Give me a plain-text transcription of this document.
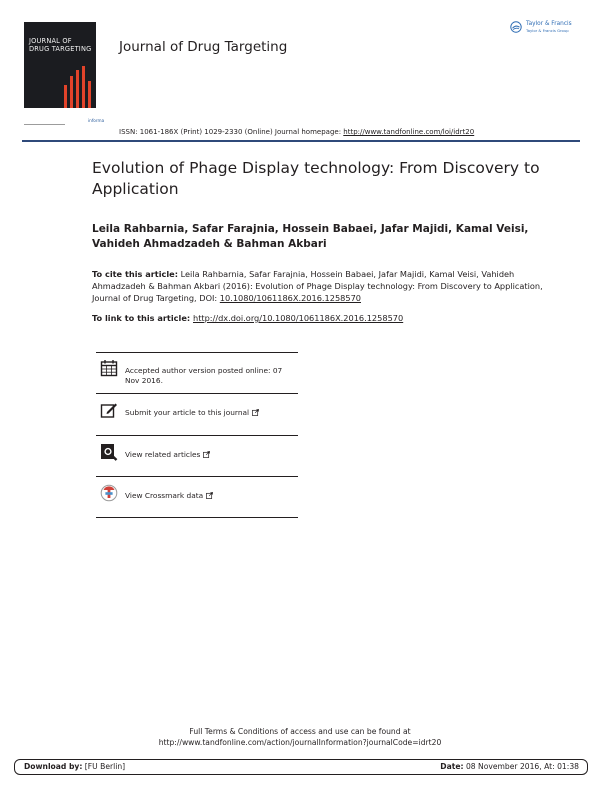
JOURNAL OF
DRUG TARGETING
informa
Journal of Drug Targeting
Taylor & Francis
Taylor & Francis Group
ISSN: 1061-186X (Print) 1029-2330 (Online) Journal homepage: http://www.tandfonline.com/loi/idrt20
Evolution of Phage Display technology: From Discovery to Application
Leila Rahbarnia, Safar Farajnia, Hossein Babaei, Jafar Majidi, Kamal Veisi, Vahideh Ahmadzadeh & Bahman Akbari
To cite this article: Leila Rahbarnia, Safar Farajnia, Hossein Babaei, Jafar Majidi, Kamal Veisi, Vahideh Ahmadzadeh & Bahman Akbari (2016): Evolution of Phage Display technology: From Discovery to Application, Journal of Drug Targeting, DOI: 10.1080/1061186X.2016.1258570
To link to this article: http://dx.doi.org/10.1080/1061186X.2016.1258570
Accepted author version posted online: 07 Nov 2016.
Submit your article to this journal
View related articles
View Crossmark data
Full Terms & Conditions of access and use can be found at
http://www.tandfonline.com/action/journalInformation?journalCode=idrt20
Download by: [FU Berlin]	Date: 08 November 2016, At: 01:38
